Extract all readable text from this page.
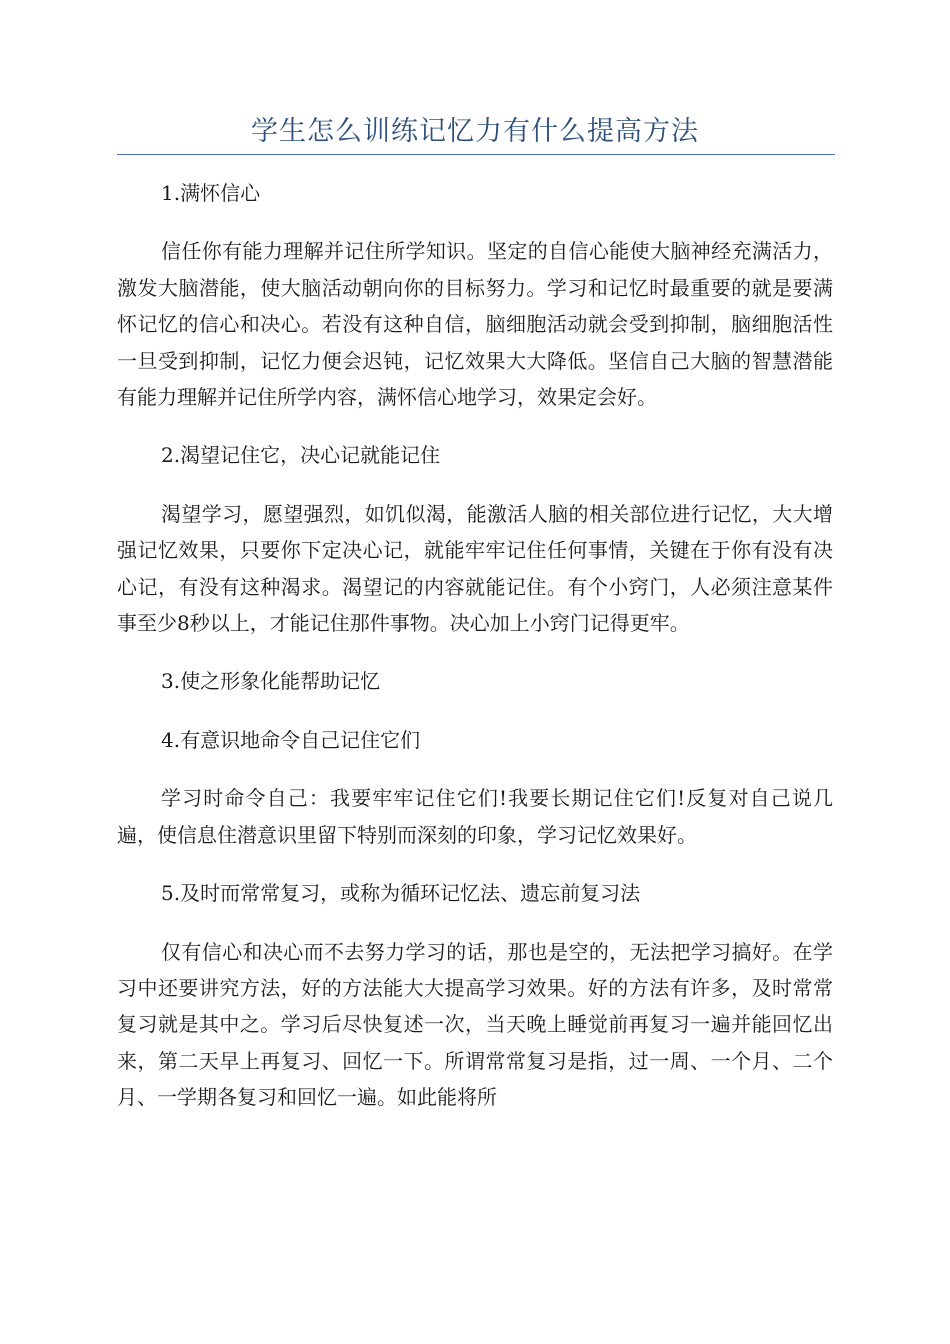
学生怎么训练记忆力有什么提高方法
1.满怀信心

信任你有能力理解并记住所学知识。坚定的自信心能使大脑神经充满活力，激发大脑潜能，使大脑活动朝向你的目标努力。学习和记忆时最重要的就是要满怀记忆的信心和决心。若没有这种自信，脑细胞活动就会受到抑制，脑细胞活性一旦受到抑制，记忆力便会迟钝，记忆效果大大降低。坚信自己大脑的智慧潜能有能力理解并记住所学内容，满怀信心地学习，效果定会好。

2.渴望记住它，决心记就能记住

渴望学习，愿望强烈，如饥似渴，能激活人脑的相关部位进行记忆，大大增强记忆效果，只要你下定决心记，就能牢牢记住任何事情，关键在于你有没有决心记，有没有这种渴求。渴望记的内容就能记住。有个小窍门，人必须注意某件事至少8秒以上，才能记住那件事物。决心加上小窍门记得更牢。

3.使之形象化能帮助记忆
4.有意识地命令自己记住它们

学习时命令自己：我要牢牢记住它们!我要长期记住它们!反复对自己说几遍，使信息住潜意识里留下特别而深刻的印象，学习记忆效果好。

5.及时而常常复习，或称为循环记忆法、遗忘前复习法

仅有信心和决心而不去努力学习的话，那也是空的，无法把学习搞好。在学习中还要讲究方法，好的方法能大大提高学习效果。好的方法有许多，及时常常复习就是其中之。学习后尽快复述一次，当天晚上睡觉前再复习一遍并能回忆出来，第二天早上再复习、回忆一下。所谓常常复习是指，过一周、一个月、二个月、一学期各复习和回忆一遍。如此能将所
